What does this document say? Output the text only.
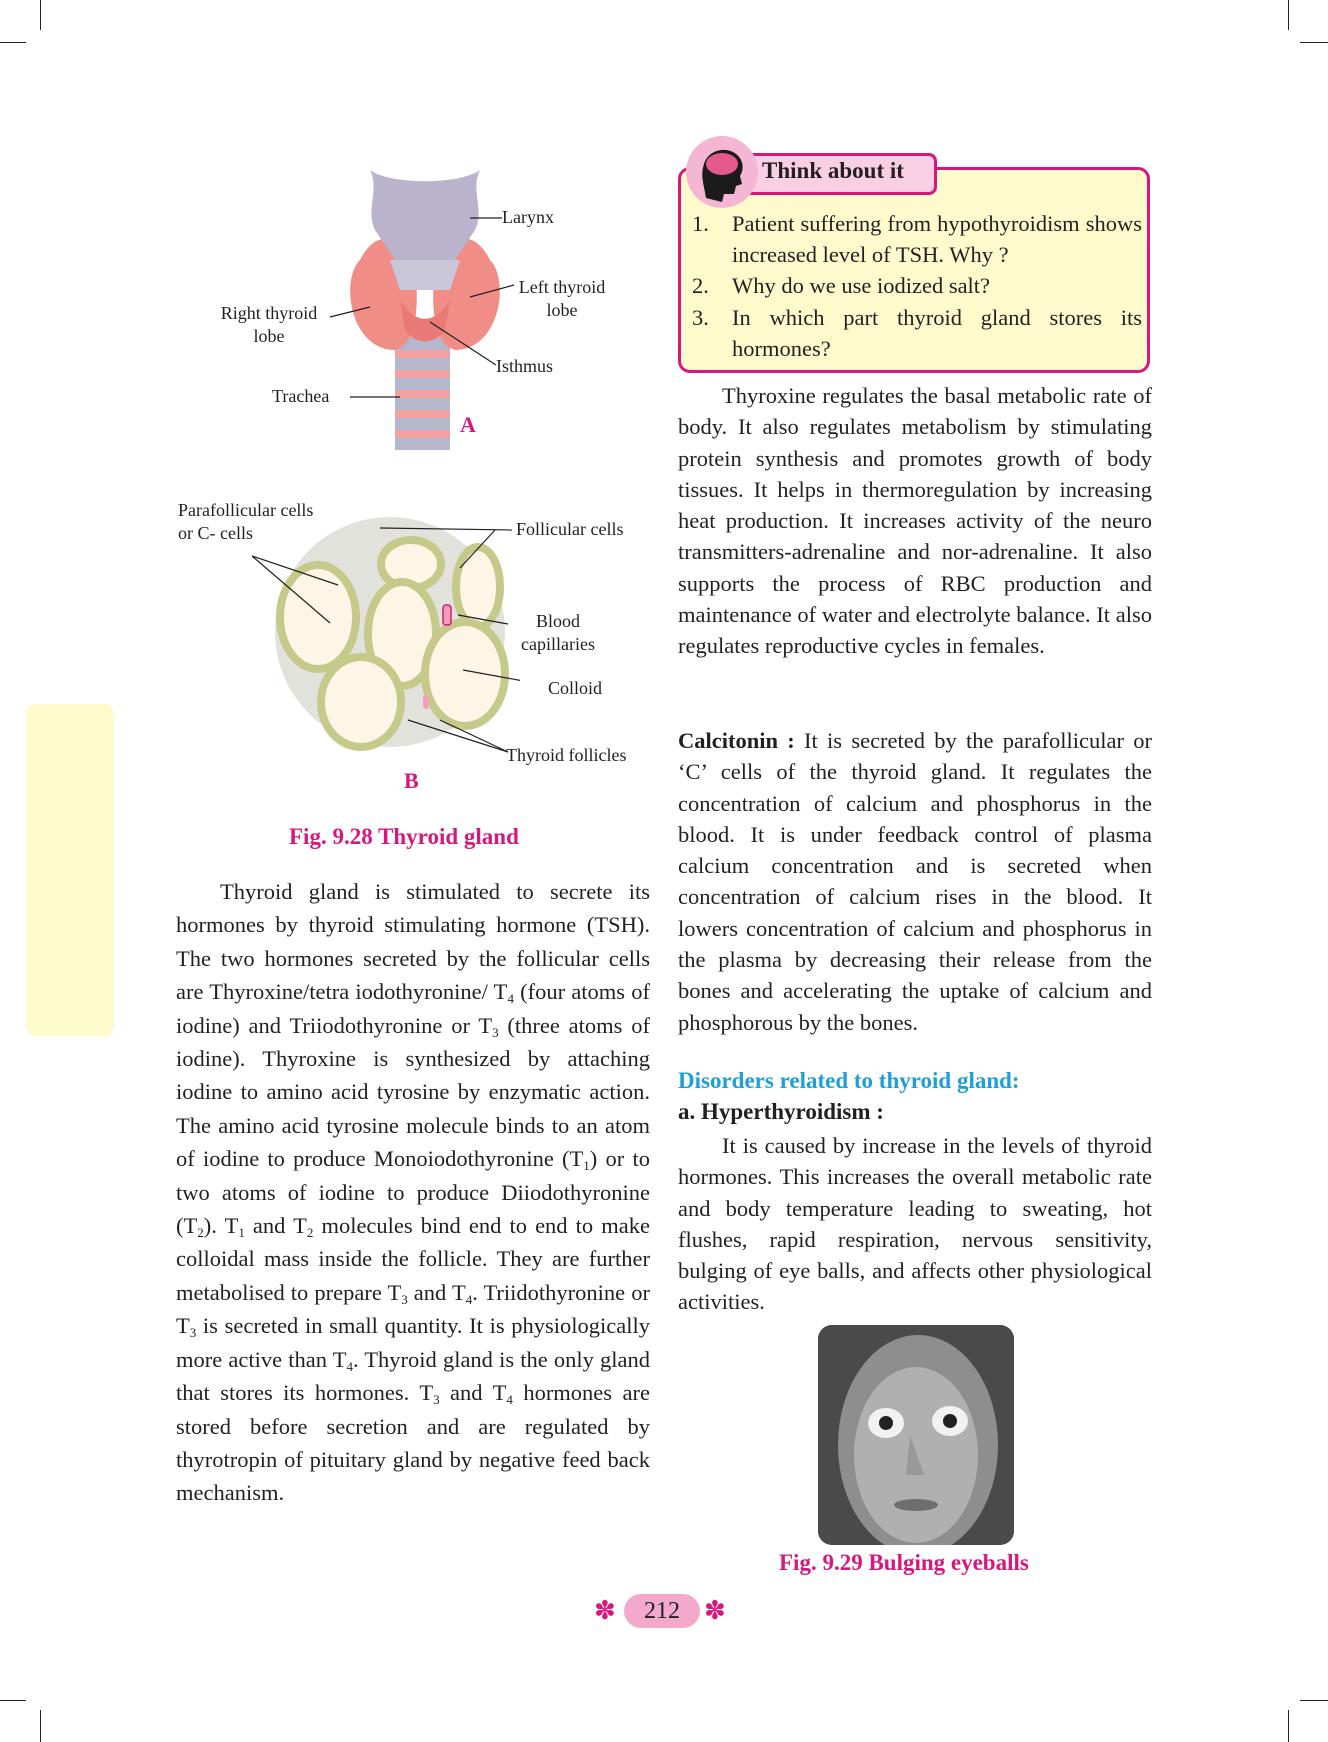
Larynx
Left thyroid lobe
Right thyroid lobe
Isthmus
Trachea
A
Parafollicular cells or C- cells	Follicular cells
Blood capillaries
Colloid
Thyroid follicles
B
Fig. 9.28 Thyroid gland
Thyroid gland is stimulated to secrete its hormones by thyroid stimulating hormone (TSH). The two hormones secreted by the follicular cells are Thyroxine/tetra iodothyronine/ $T_4$ (four atoms of iodine) and Triiodothyronine or $T_3$ (three atoms of iodine). Thyroxine is synthesized by attaching iodine to amino acid tyrosine by enzymatic action. The amino acid tyrosine molecule binds to an atom of iodine to produce Monoiodothyronine $(T_1)$ or to two atoms of iodine to produce Diiodothyronine $(T_2)$. $T_1$ and $T_2$ molecules bind end to end to make colloidal mass inside the follicle. They are further metabolised to prepare $T_3$ and $T_4$. Triidothyronine or $T_3$ is secreted in small quantity. It is physiologically more active than $T_4$. Thyroid gland is the only gland that stores its hormones. $T_3$ and $T_4$ hormones are stored before secretion and are regulated by thyrotropin of pituitary gland by negative feed back mechanism.
Think about it
1. Patient suffering from hypothyroidism shows increased level of TSH. Why ?
2. Why do we use iodized salt?
3. In which part thyroid gland stores its hormones?
Thyroxine regulates the basal metabolic rate of body. It also regulates metabolism by stimulating protein synthesis and promotes growth of body tissues. It helps in thermoregulation by increasing heat production. It increases activity of the neuro transmitters-adrenaline and nor-adrenaline. It also supports the process of RBC production and maintenance of water and electrolyte balance. It also regulates reproductive cycles in females.
Calcitonin : It is secreted by the parafollicular or ‘C’ cells of the thyroid gland. It regulates the concentration of calcium and phosphorus in the blood. It is under feedback control of plasma calcium concentration and is secreted when concentration of calcium rises in the blood. It lowers concentration of calcium and phosphorus in the plasma by decreasing their release from the bones and accelerating the uptake of calcium and phosphorous by the bones.
Disorders related to thyroid gland:
a. Hyperthyroidism :
It is caused by increase in the levels of thyroid hormones. This increases the overall metabolic rate and body temperature leading to sweating, hot flushes, rapid respiration, nervous sensitivity, bulging of eye balls, and affects other physiological activities.
Fig. 9.29 Bulging eyeballs
✽	212 ✽
